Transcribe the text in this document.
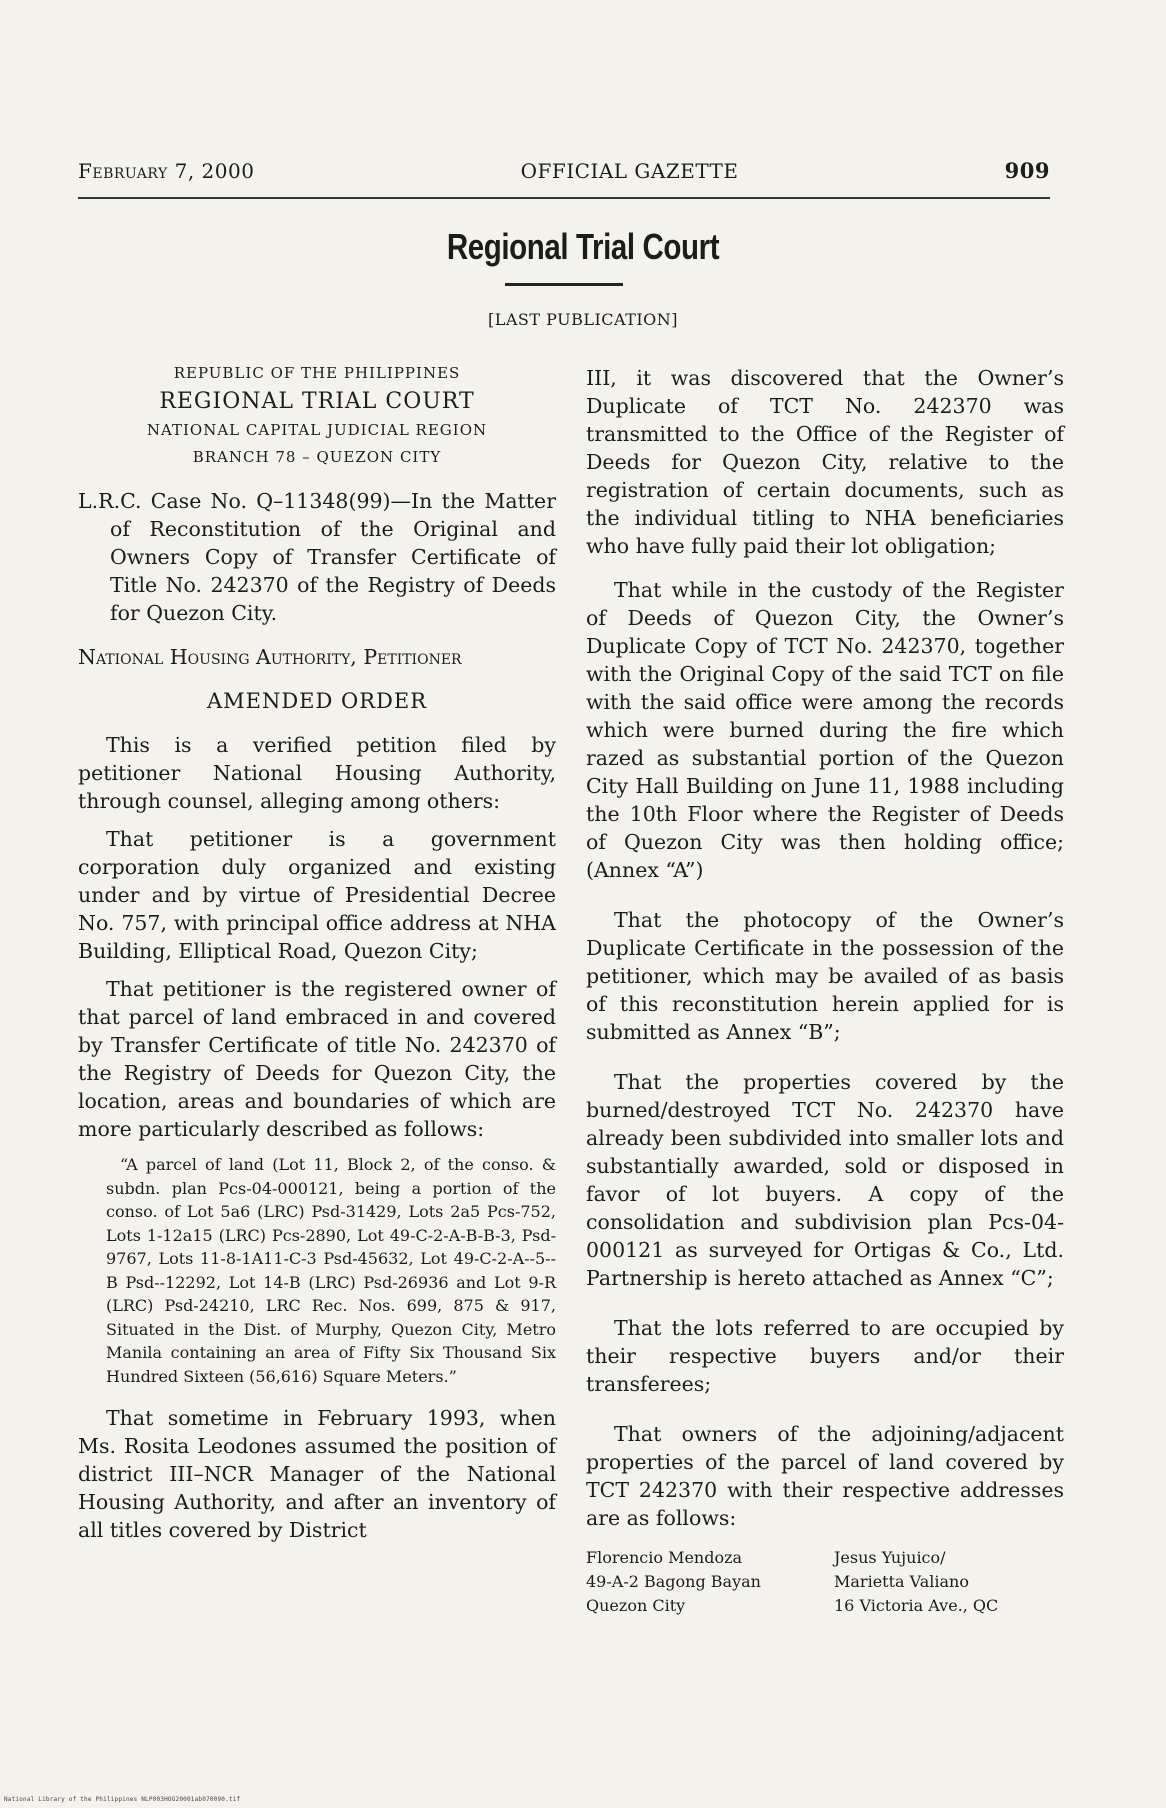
February 7, 2000	OFFICIAL GAZETTE	909
Regional Trial Court
[LAST PUBLICATION]
REPUBLIC OF THE PHILIPPINES
REGIONAL TRIAL COURT
NATIONAL CAPITAL JUDICIAL REGION
BRANCH 78 – QUEZON CITY

L.R.C. Case No. Q–11348(99)—In the Matter of Reconstitution of the Original and Owners Copy of Transfer Certificate of Title No. 242370 of the Registry of Deeds for Quezon City.

National Housing Authority, Petitioner

AMENDED ORDER

This is a verified petition filed by petitioner National Housing Authority, through counsel, alleging among others:

That petitioner is a government corporation duly organized and existing under and by virtue of Presidential Decree No. 757, with principal office address at NHA Building, Elliptical Road, Quezon City;

That petitioner is the registered owner of that parcel of land embraced in and covered by Transfer Certificate of title No. 242370 of the Registry of Deeds for Quezon City, the location, areas and boundaries of which are more particularly described as follows:

“A parcel of land (Lot 11, Block 2, of the conso. & subdn. plan Pcs-04-000121, being a portion of the conso. of Lot 5a6 (LRC) Psd-31429, Lots 2a5 Pcs-752, Lots 1-12a15 (LRC) Pcs-2890, Lot 49-C-2-A-B-B-3, Psd-9767, Lots 11-8-1A11-C-3 Psd-45632, Lot 49-C-2-A--5--B Psd--12292, Lot 14-B (LRC) Psd-26936 and Lot 9-R (LRC) Psd-24210, LRC Rec. Nos. 699, 875 & 917, Situated in the Dist. of Murphy, Quezon City, Metro Manila containing an area of Fifty Six Thousand Six Hundred Sixteen (56,616) Square Meters.”

That sometime in February 1993, when Ms. Rosita Leodones assumed the position of district III–NCR Manager of the National Housing Authority, and after an inventory of all titles covered by District

III, it was discovered that the Owner’s Duplicate of TCT No. 242370 was transmitted to the Office of the Register of Deeds for Quezon City, relative to the registration of certain documents, such as the individual titling to NHA beneficiaries who have fully paid their lot obligation;

That while in the custody of the Register of Deeds of Quezon City, the Owner’s Duplicate Copy of TCT No. 242370, together with the Original Copy of the said TCT on file with the said office were among the records which were burned during the fire which razed as substantial portion of the Quezon City Hall Building on June 11, 1988 including the 10th Floor where the Register of Deeds of Quezon City was then holding office; (Annex “A”)

That the photocopy of the Owner’s Duplicate Certificate in the possession of the petitioner, which may be availed of as basis of this reconstitution herein applied for is submitted as Annex “B”;

That the properties covered by the burned/destroyed TCT No. 242370 have already been subdivided into smaller lots and substantially awarded, sold or disposed in favor of lot buyers. A copy of the consolidation and subdivision plan Pcs-04-000121 as surveyed for Ortigas & Co., Ltd. Partnership is hereto attached as Annex “C”;

That the lots referred to are occupied by their respective buyers and/or their transferees;

That owners of the adjoining/adjacent properties of the parcel of land covered by TCT 242370 with their respective addresses are as follows:

Florencio Mendoza
49-A-2 Bagong Bayan
Quezon City
Jesus Yujuico/
Marietta Valiano
16 Victoria Ave., QC
National Library of the Philippines NLP003HOG20001ab070090.tif
